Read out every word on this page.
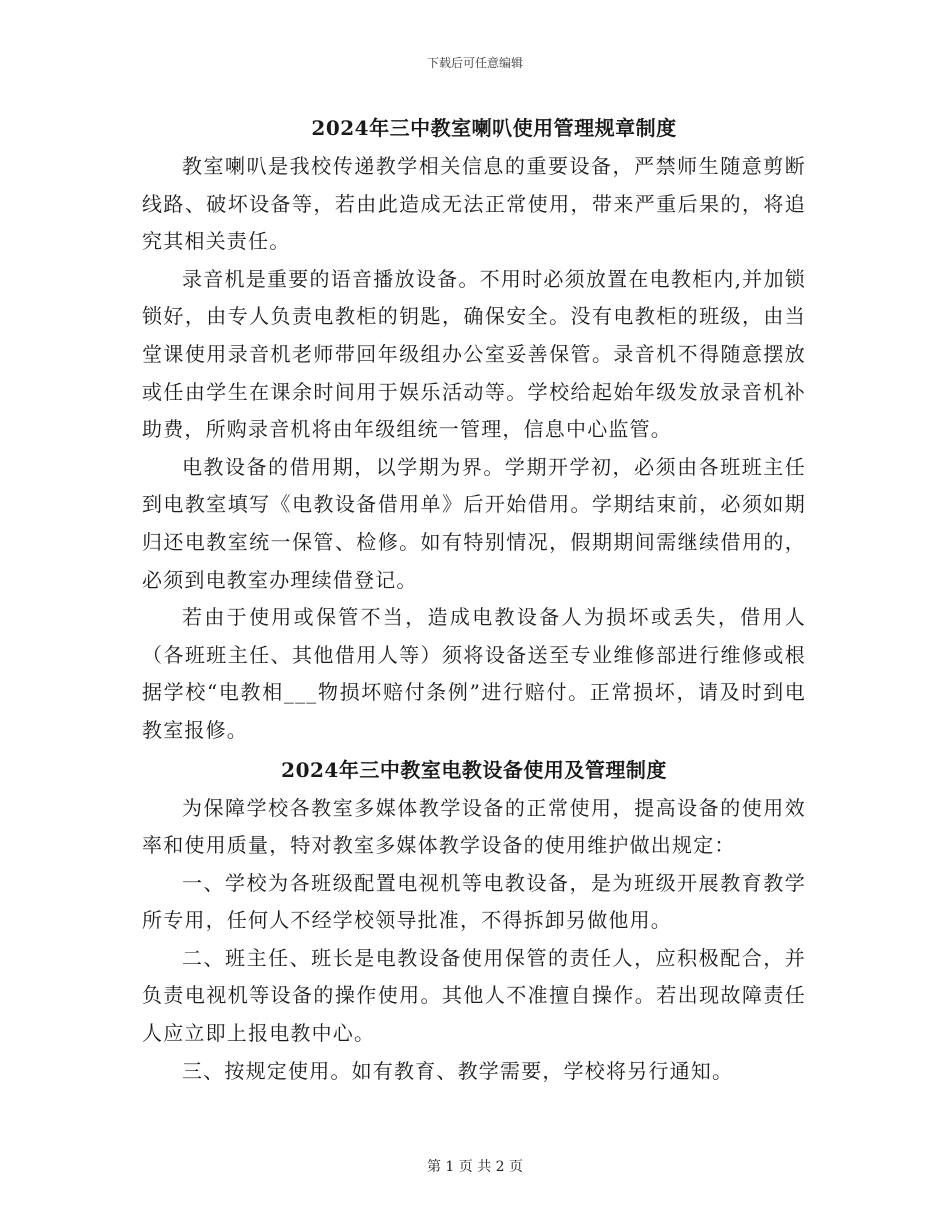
下载后可任意编辑
2024年三中教室喇叭使用管理规章制度

教室喇叭是我校传递教学相关信息的重要设备，严禁师生随意剪断线路、破坏设备等，若由此造成无法正常使用，带来严重后果的，将追究其相关责任。

录音机是重要的语音播放设备。不用时必须放置在电教柜内,并加锁锁好，由专人负责电教柜的钥匙，确保安全。没有电教柜的班级，由当堂课使用录音机老师带回年级组办公室妥善保管。录音机不得随意摆放或任由学生在课余时间用于娱乐活动等。学校给起始年级发放录音机补助费，所购录音机将由年级组统一管理，信息中心监管。

电教设备的借用期，以学期为界。学期开学初，必须由各班班主任到电教室填写《电教设备借用单》后开始借用。学期结束前，必须如期归还电教室统一保管、检修。如有特别情况，假期期间需继续借用的，必须到电教室办理续借登记。

若由于使用或保管不当，造成电教设备人为损坏或丢失，借用人（各班班主任、其他借用人等）须将设备送至专业维修部进行维修或根据学校“电教相___物损坏赔付条例”进行赔付。正常损坏，请及时到电教室报修。

2024年三中教室电教设备使用及管理制度

为保障学校各教室多媒体教学设备的正常使用，提高设备的使用效率和使用质量，特对教室多媒体教学设备的使用维护做出规定：

一、学校为各班级配置电视机等电教设备，是为班级开展教育教学所专用，任何人不经学校领导批准，不得拆卸另做他用。

二、班主任、班长是电教设备使用保管的责任人，应积极配合，并负责电视机等设备的操作使用。其他人不准擅自操作。若出现故障责任人应立即上报电教中心。

三、按规定使用。如有教育、教学需要，学校将另行通知。

第 1 页 共 2 页
